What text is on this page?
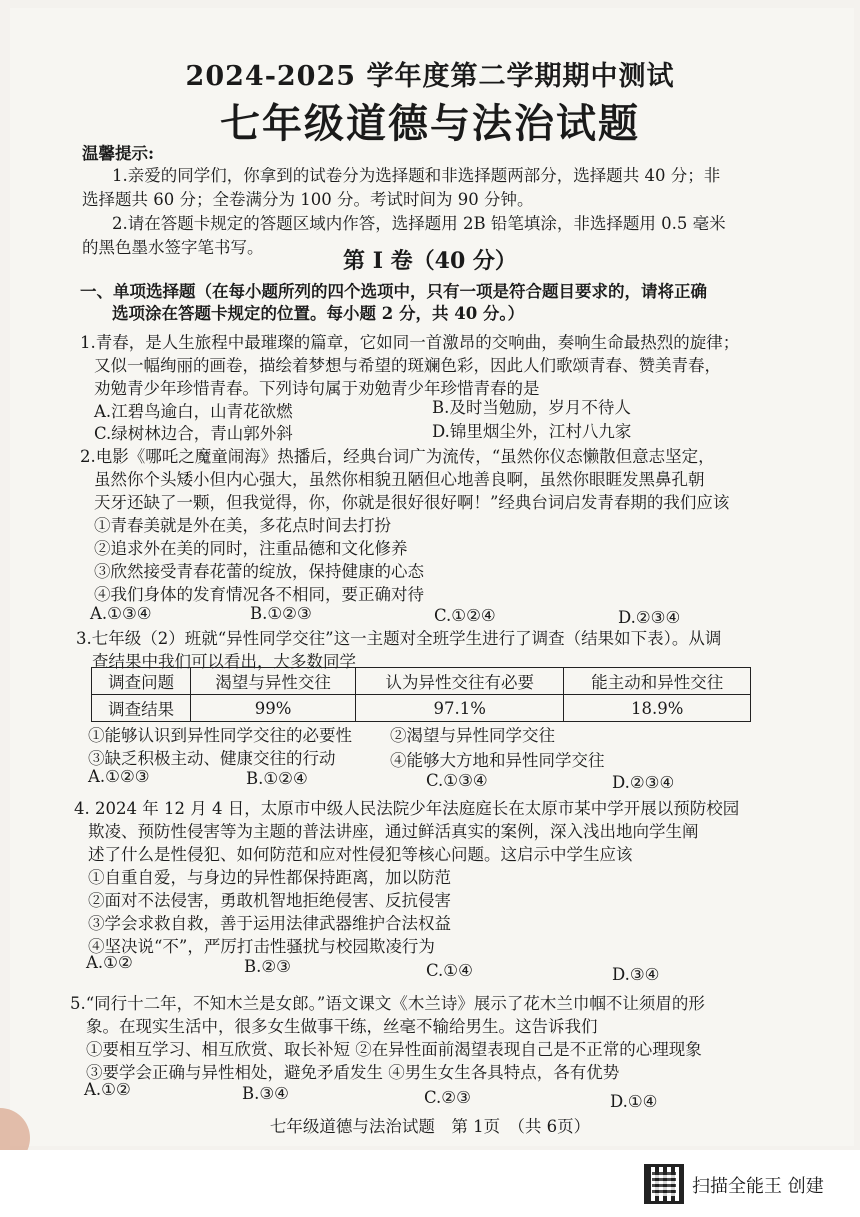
2024-2025 学年度第二学期期中测试
七年级道德与法治试题
温馨提示:
1.亲爱的同学们，你拿到的试卷分为选择题和非选择题两部分，选择题共 40 分；非
选择题共 60 分；全卷满分为 100 分。考试时间为 90 分钟。
2.请在答题卡规定的答题区域内作答，选择题用 2B 铅笔填涂，非选择题用 0.5 毫米
的黑色墨水签字笔书写。
第 I 卷（40 分）
一、单项选择题（在每小题所列的四个选项中，只有一项是符合题目要求的，请将正确
选项涂在答题卡规定的位置。每小题 2 分，共 40 分。）
1.青春，是人生旅程中最璀璨的篇章，它如同一首激昂的交响曲，奏响生命最热烈的旋律；
又似一幅绚丽的画卷，描绘着梦想与希望的斑斓色彩，因此人们歌颂青春、赞美青春，
劝勉青少年珍惜青春。下列诗句属于劝勉青少年珍惜青春的是
A.江碧鸟逾白，山青花欲燃	B.及时当勉励，岁月不待人
C.绿树林边合，青山郭外斜	D.锦里烟尘外，江村八九家
2.电影《哪吒之魔童闹海》热播后，经典台词广为流传，“虽然你仪态懒散但意志坚定，
虽然你个头矮小但内心强大，虽然你相貌丑陋但心地善良啊，虽然你眼睚发黑鼻孔朝
天牙还缺了一颗，但我觉得，你，你就是很好很好啊！”经典台词启发青春期的我们应该
①青春美就是外在美，多花点时间去打扮
②追求外在美的同时，注重品德和文化修养
③欣然接受青春花蕾的绽放，保持健康的心态
④我们身体的发育情况各不相同，要正确对待
A.①③④	B.①②③	C.①②④	D.②③④
3.七年级（2）班就“异性同学交往”这一主题对全班学生进行了调查（结果如下表）。从调
查结果中我们可以看出，大多数同学
调查问题	渴望与异性交往	认为异性交往有必要	能主动和异性交往
调查结果	99%	97.1%	18.9%
①能够认识到异性同学交往的必要性 ②渴望与异性同学交往
③缺乏积极主动、健康交往的行动	④能够大方地和异性同学交往
A.①②③	B.①②④	C.①③④	D.②③④
4. 2024 年 12 月 4 日，太原市中级人民法院少年法庭庭长在太原市某中学开展以预防校园
欺凌、预防性侵害等为主题的普法讲座，通过鲜活真实的案例，深入浅出地向学生阐
述了什么是性侵犯、如何防范和应对性侵犯等核心问题。这启示中学生应该
①自重自爱，与身边的异性都保持距离，加以防范
②面对不法侵害，勇敢机智地拒绝侵害、反抗侵害
③学会求救自救，善于运用法律武器维护合法权益
④坚决说“不”，严厉打击性骚扰与校园欺凌行为
A.①②	B.②③	C.①④	D.③④
5.“同行十二年，不知木兰是女郎。”语文课文《木兰诗》展示了花木兰巾帼不让须眉的形
象。在现实生活中，很多女生做事干练，丝毫不输给男生。这告诉我们
①要相互学习、相互欣赏、取长补短 ②在异性面前渴望表现自己是不正常的心理现象
③要学会正确与异性相处，避免矛盾发生 ④男生女生各具特点，各有优势
A.①②	B.③④	C.②③	D.①④
七年级道德与法治试题　第 1页　（共 6页）
扫描全能王 创建
